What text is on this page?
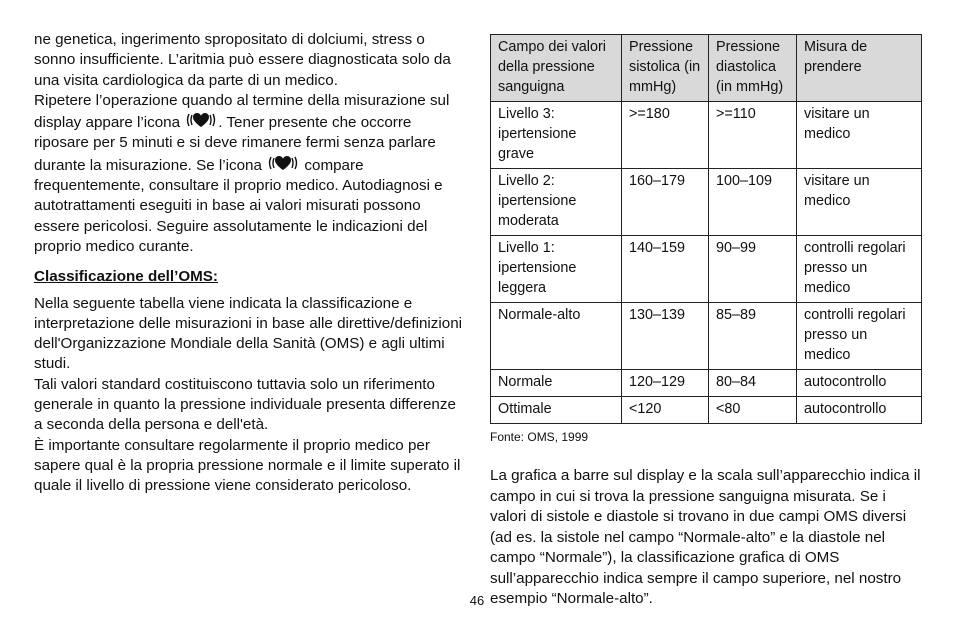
ne genetica, ingerimento spropositato di dolciumi, stress o sonno insufficiente. L’aritmia può essere diagnosticata solo da una visita cardiologica da parte di un medico.

Ripetere l’operazione quando al termine della misurazione sul display appare l’icona	. Tener presente che occorre riposare per 5 minuti e si deve rimanere fermi senza parlare durante la misurazione. Se l’icona	compare frequentemente, consultare il proprio medico. Autodiagnosi e autotrattamenti eseguiti in base ai valori misurati possono essere pericolosi. Seguire assolutamente le indicazioni del proprio medico curante.

Classificazione dell’OMS:

Nella seguente tabella viene indicata la classificazione e interpretazione delle misurazioni in base alle direttive/definizioni dell'Organizzazione Mondiale della Sanità (OMS) e agli ultimi studi.

Tali valori standard costituiscono tuttavia solo un riferimento generale in quanto la pressione individuale presenta differenze a seconda della persona e dell'età.

È importante consultare regolarmente il proprio medico per sapere qual è la propria pressione normale e il limite superato il quale il livello di pressione viene considerato pericoloso.

Campo dei valori della pressione sanguigna	Pressione sistolica (in mmHg)	Pressione diastolica (in mmHg)	Misura de prendere
Livello 3: ipertensione grave	>=180	>=110	visitare un medico
Livello 2: ipertensione moderata	160–179	100–109	visitare un medico
Livello 1: ipertensione leggera	140–159	90–99	controlli regolari presso un medico
Normale-alto	130–139	85–89	controlli regolari presso un medico
Normale	120–129	80–84	autocontrollo
Ottimale	<120	<80	autocontrollo
Fonte: OMS, 1999

La grafica a barre sul display e la scala sull’apparecchio indica il campo in cui si trova la pressione sanguigna misurata. Se i valori di sistole e diastole si trovano in due campi OMS diversi (ad es. la sistole nel campo “Normale-alto” e la diastole nel campo “Normale”), la classificazione grafica di OMS sull’apparecchio indica sempre il campo superiore, nel nostro esempio “Normale-alto”.

46
